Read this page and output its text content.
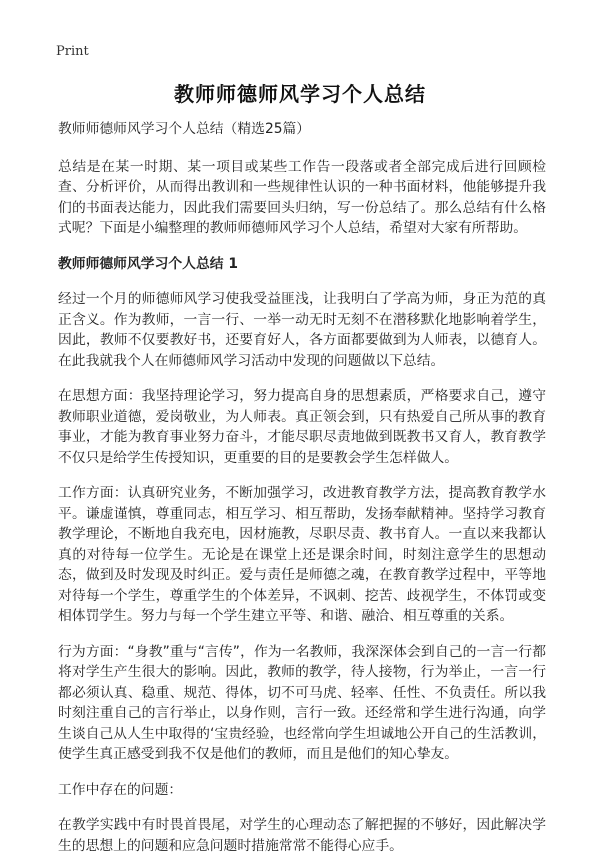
Print
教师师德师风学习个人总结

教师师德师风学习个人总结（精选25篇）

总结是在某一时期、某一项目或某些工作告一段落或者全部完成后进行回顾检查、分析评价，从而得出教训和一些规律性认识的一种书面材料，他能够提升我们的书面表达能力，因此我们需要回头归纳，写一份总结了。那么总结有什么格式呢？下面是小编整理的教师师德师风学习个人总结，希望对大家有所帮助。

教师师德师风学习个人总结 1

经过一个月的师德师风学习使我受益匪浅，让我明白了学高为师，身正为范的真正含义。作为教师，一言一行、一举一动无时无刻不在潜移默化地影响着学生，因此，教师不仅要教好书，还要育好人，各方面都要做到为人师表，以德育人。在此我就我个人在师德师风学习活动中发现的问题做以下总结。

在思想方面：我坚持理论学习，努力提高自身的思想素质，严格要求自己，遵守教师职业道德，爱岗敬业，为人师表。真正领会到，只有热爱自己所从事的教育事业，才能为教育事业努力奋斗，才能尽职尽责地做到既教书又育人，教育教学不仅只是给学生传授知识，更重要的目的是要教会学生怎样做人。

工作方面：认真研究业务，不断加强学习，改进教育教学方法，提高教育教学水平。谦虚谨慎，尊重同志，相互学习、相互帮助，发扬奉献精神。坚持学习教育教学理论，不断地自我充电，因材施教，尽职尽责、教书育人。一直以来我都认真的对待每一位学生。无论是在课堂上还是课余时间，时刻注意学生的思想动态，做到及时发现及时纠正。爱与责任是师德之魂，在教育教学过程中，平等地对待每一个学生，尊重学生的个体差异，不讽刺、挖苦、歧视学生，不体罚或变相体罚学生。努力与每一个学生建立平等、和谐、融洽、相互尊重的关系。

行为方面：“身教”重与“言传”，作为一名教师，我深深体会到自己的一言一行都将对学生产生很大的影响。因此，教师的教学，待人接物，行为举止，一言一行都必须认真、稳重、规范、得体，切不可马虎、轻率、任性、不负责任。所以我时刻注重自己的言行举止，以身作则，言行一致。还经常和学生进行沟通，向学生谈自己从人生中取得的‘宝贵经验，也经常向学生坦诚地公开自己的生活教训，使学生真正感受到我不仅是他们的教师，而且是他们的知心挚友。

工作中存在的问题：

在教学实践中有时畏首畏尾，对学生的心理动态了解把握的不够好，因此解决学生的思想上的问题和应急问题时措施常常不能得心应手。
